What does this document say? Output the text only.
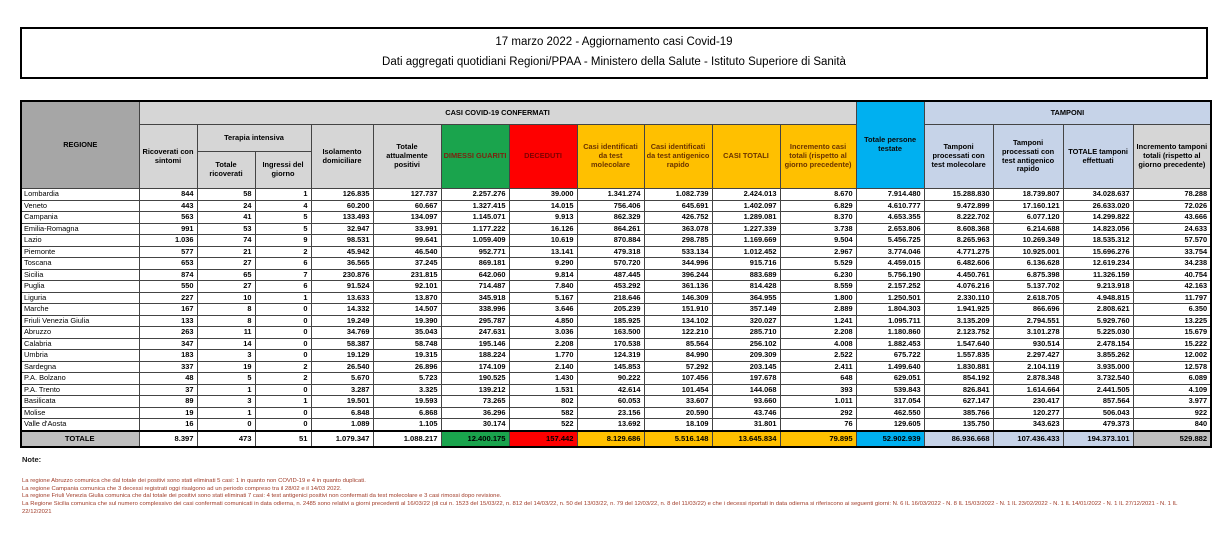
17 marzo 2022 - Aggiornamento casi Covid-19
Dati aggregati quotidiani Regioni/PPAA - Ministero della Salute - Istituto Superiore di Sanità
REGIONE	CASI COVID-19 CONFERMATI											Totale persone testate	TAMPONI			
	Ricoverati con sintomi	Terapia intensiva		Isolamento domiciliare	Totale attualmente positivi	DIMESSI GUARITI	DECEDUTI	Casi identificati da test molecolare	Casi identificati da test antigenico rapido	CASI TOTALI	Incremento casi totali (rispetto al giorno precedente)		Tamponi processati con test molecolare	Tamponi processati con test antigenico rapido	TOTALE tamponi effettuati	Incremento tamponi totali (rispetto al giorno precedente)
		Totale ricoverati	Ingressi del giorno													
Lombardia	844	58	1	126.835	127.737	2.257.276	39.000	1.341.274	1.082.739	2.424.013	8.670	7.914.480	15.288.830	18.739.807	34.028.637	78.288
Veneto	443	24	4	60.200	60.667	1.327.415	14.015	756.406	645.691	1.402.097	6.829	4.610.777	9.472.899	17.160.121	26.633.020	72.026
Campania	563	41	5	133.493	134.097	1.145.071	9.913	862.329	426.752	1.289.081	8.370	4.653.355	8.222.702	6.077.120	14.299.822	43.666
Emilia-Romagna	991	53	5	32.947	33.991	1.177.222	16.126	864.261	363.078	1.227.339	3.738	2.653.806	8.608.368	6.214.688	14.823.056	24.633
Lazio	1.036	74	9	98.531	99.641	1.059.409	10.619	870.884	298.785	1.169.669	9.504	5.456.725	8.265.963	10.269.349	18.535.312	57.570
Piemonte	577	21	2	45.942	46.540	952.771	13.141	479.318	533.134	1.012.452	2.967	3.774.046	4.771.275	10.925.001	15.696.276	33.754
Toscana	653	27	6	36.565	37.245	869.181	9.290	570.720	344.996	915.716	5.529	4.459.015	6.482.606	6.136.628	12.619.234	34.238
Sicilia	874	65	7	230.876	231.815	642.060	9.814	487.445	396.244	883.689	6.230	5.756.190	4.450.761	6.875.398	11.326.159	40.754
Puglia	550	27	6	91.524	92.101	714.487	7.840	453.292	361.136	814.428	8.559	2.157.252	4.076.216	5.137.702	9.213.918	42.163
Liguria	227	10	1	13.633	13.870	345.918	5.167	218.646	146.309	364.955	1.800	1.250.501	2.330.110	2.618.705	4.948.815	11.797
Marche	167	8	0	14.332	14.507	338.996	3.646	205.239	151.910	357.149	2.889	1.804.303	1.941.925	866.696	2.808.621	6.350
Friuli Venezia Giulia	133	8	0	19.249	19.390	295.787	4.850	185.925	134.102	320.027	1.241	1.095.711	3.135.209	2.794.551	5.929.760	13.225
Abruzzo	263	11	0	34.769	35.043	247.631	3.036	163.500	122.210	285.710	2.208	1.180.860	2.123.752	3.101.278	5.225.030	15.679
Calabria	347	14	0	58.387	58.748	195.146	2.208	170.538	85.564	256.102	4.008	1.882.453	1.547.640	930.514	2.478.154	15.222
Umbria	183	3	0	19.129	19.315	188.224	1.770	124.319	84.990	209.309	2.522	675.722	1.557.835	2.297.427	3.855.262	12.002
Sardegna	337	19	2	26.540	26.896	174.109	2.140	145.853	57.292	203.145	2.411	1.499.640	1.830.881	2.104.119	3.935.000	12.578
P.A. Bolzano	48	5	2	5.670	5.723	190.525	1.430	90.222	107.456	197.678	648	629.051	854.192	2.878.348	3.732.540	6.089
P.A. Trento	37	1	0	3.287	3.325	139.212	1.531	42.614	101.454	144.068	393	539.843	826.841	1.614.664	2.441.505	4.109
Basilicata	89	3	1	19.501	19.593	73.265	802	60.053	33.607	93.660	1.011	317.054	627.147	230.417	857.564	3.977
Molise	19	1	0	6.848	6.868	36.296	582	23.156	20.590	43.746	292	462.550	385.766	120.277	506.043	922
Valle d'Aosta	16	0	0	1.089	1.105	30.174	522	13.692	18.109	31.801	76	129.605	135.750	343.623	479.373	840
TOTALE	8.397	473	51	1.079.347	1.088.217	12.400.175	157.442	8.129.686	5.516.148	13.645.834	79.895	52.902.939	86.936.668	107.436.433	194.373.101	529.882
Note:
La regione Abruzzo comunica che dal totale dei positivi sono stati eliminati 5 casi: 1 in quanto non COVID-19 e 4 in quanto duplicati.
La regione Campania comunica che 3 decessi registrati oggi risalgono ad un periodo compreso tra il 28/02 e il 14/03 2022.
La regione Friuli Venezia Giulia comunica che dal totale dei positivi sono stati eliminati 7 casi: 4 test antigenici positivi non confermati da test molecolare e 3 casi rimossi dopo revisione.
La Regione Sicilia comunica che sul numero complessivo dei casi confermati comunicati in data odierna, n. 2485 sono relativi a giorni precedenti al 16/03/22 (di cui n. 1523 del 15/03/22, n. 812 del 14/03/22, n. 50 del 13/03/22, n. 79 del 12/03/22, n. 8 del 11/03/22) e che i decessi riportati in data odierna si riferiscono ai seguenti giorni: N. 6 IL 16/03/2022 - N. 8 IL 15/03/2022 - N. 1 IL 23/02/2022 - N. 1 IL 14/01/2022 - N. 1 IL 27/12/2021 - N. 1 IL 22/12/2021
